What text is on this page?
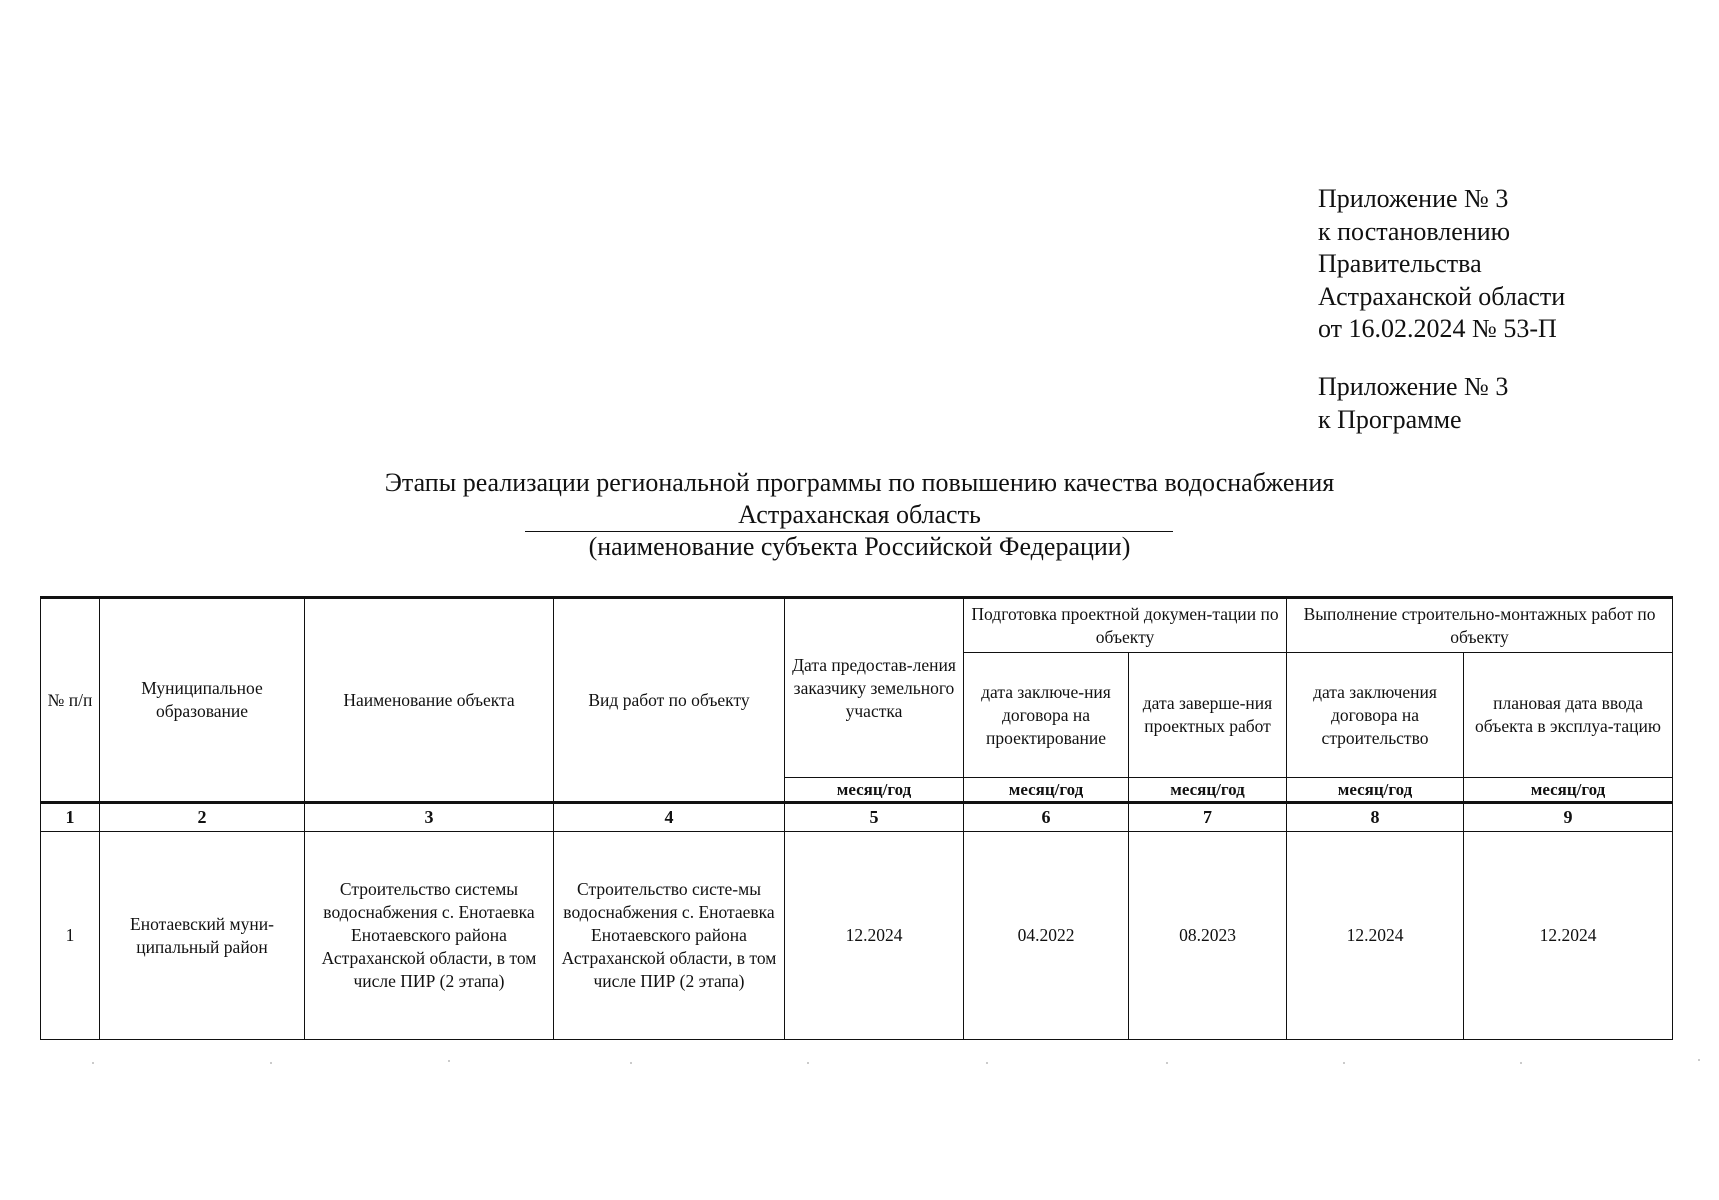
Приложение № 3
к постановлению
Правительства
Астраханской области
от 16.02.2024 № 53-П
Приложение № 3
к Программе
Этапы реализации региональной программы по повышению качества водоснабжения
Астраханская область
(наименование субъекта Российской Федерации)
№ п/п	Муниципальное образование	Наименование объекта	Вид работ по объекту	Дата предостав-ления заказчику земельного участка	Подготовка проектной докумен-тации по объекту		Выполнение строительно-монтажных работ по объекту	
					дата заключе-ния договора на проектирование	дата заверше-ния проектных работ	дата заключения договора на строительство	плановая дата ввода объекта в эксплуа-тацию
				месяц/год	месяц/год	месяц/год	месяц/год	месяц/год
1	2	3	4	5	6	7	8	9
1	Енотаевский муни-ципальный район	Строительство системы водоснабжения с. Енотаевка Енотаевского района Астраханской области, в том числе ПИР (2 этапа)	Строительство систе-мы водоснабжения с. Енотаевка Енотаевского района Астраханской области, в том числе ПИР (2 этапа)	12.2024	04.2022	08.2023	12.2024	12.2024
